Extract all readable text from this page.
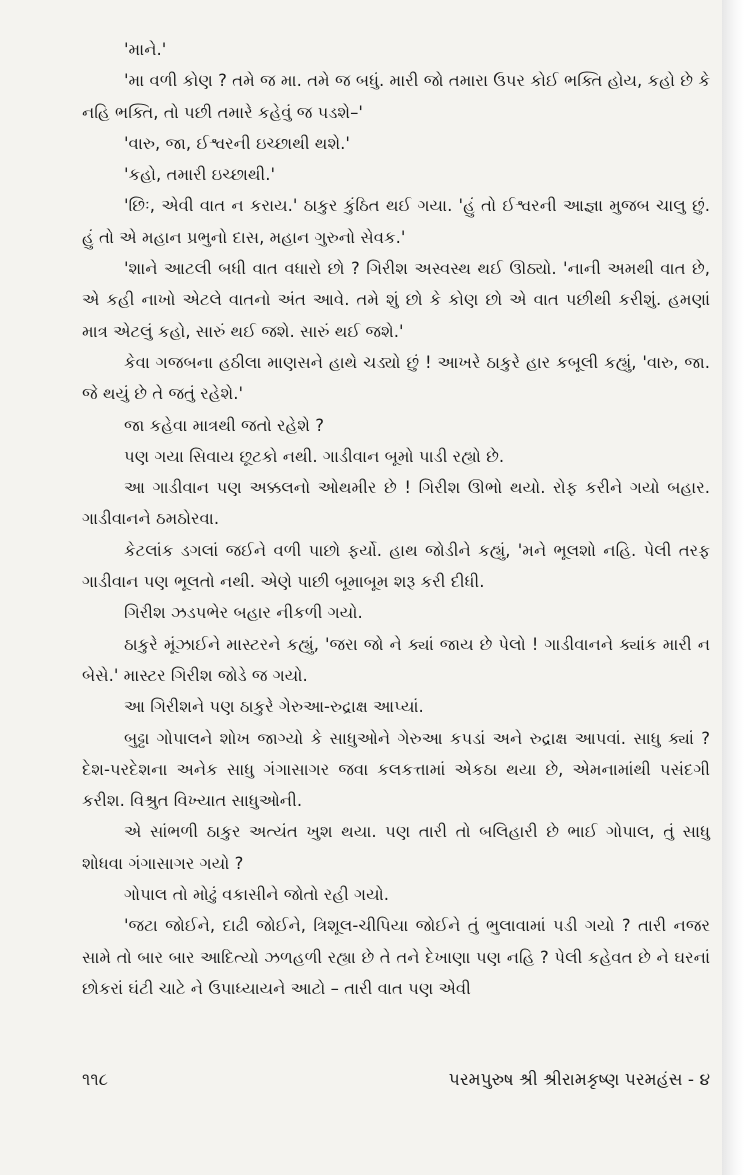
'માને.'

'મા વળી કોણ ? તમે જ મા. તમે જ બધું. મારી જો તમારા ઉપર કોઈ ભક્તિ હોય, કહો છે કે નહિ ભક્તિ, તો પછી તમારે કહેવું જ પડશે–'

'વારુ, જા, ઈશ્વરની ઇચ્છાથી થશે.'

'કહો, તમારી ઇચ્છાથી.'

'છિઃ, એવી વાત ન કરાય.' ઠાકુર કુંઠિત થઈ ગયા. 'હું તો ઈશ્વરની આજ્ઞા મુજબ ચાલુ છું. હું તો એ મહાન પ્રભુનો દાસ, મહાન ગુરુનો સેવક.'

'શાને આટલી બધી વાત વધારો છો ? ગિરીશ અસ્વસ્થ થઈ ઊઠ્યો. 'નાની અમથી વાત છે, એ કહી નાખો એટલે વાતનો અંત આવે. તમે શું છો કે કોણ છો એ વાત પછીથી કરીશું. હમણાં માત્ર એટલું કહો, સારું થઈ જશે. સારું થઈ જશે.'

કેવા ગજબના હઠીલા માણસને હાથે ચડ્યો છું ! આખરે ઠાકુરે હાર કબૂલી કહ્યું, 'વારુ, જા. જે થયું છે તે જતું રહેશે.'

જા કહેવા માત્રથી જતો રહેશે ?

પણ ગયા સિવાય છૂટકો નથી. ગાડીવાન બૂમો પાડી રહ્યો છે.

આ ગાડીવાન પણ અક્કલનો ઓથમીર છે ! ગિરીશ ઊભો થયો. રોફ કરીને ગયો બહાર. ગાડીવાનને ઠમઠોરવા.

કેટલાંક ડગલાં જઈને વળી પાછો ફર્યો. હાથ જોડીને કહ્યું, 'મને ભૂલશો નહિ. પેલી તરફ ગાડીવાન પણ ભૂલતો નથી. એણે પાછી બૂમાબૂમ શરૂ કરી દીધી.

ગિરીશ ઝડપભેર બહાર નીકળી ગયો.

ઠાકુરે મૂંઝાઈને માસ્ટરને કહ્યું, 'જરા જો ને ક્યાં જાય છે પેલો ! ગાડીવાનને ક્યાંક મારી ન બેસે.' માસ્ટર ગિરીશ જોડે જ ગયો.

આ ગિરીશને પણ ઠાકુરે ગેરુઆ-રુદ્રાક્ષ આપ્યાં.

બુઢ્ઢા ગોપાલને શોખ જાગ્યો કે સાધુઓને ગેરુઆ કપડાં અને રુદ્રાક્ષ આપવાં. સાધુ ક્યાં ? દેશ-પરદેશના અનેક સાધુ ગંગાસાગર જવા કલકત્તામાં એકઠા થયા છે, એમનામાંથી પસંદગી કરીશ. વિશ્રુત વિખ્યાત સાધુઓની.

એ સાંભળી ઠાકુર અત્યંત ખુશ થયા. પણ તારી તો બલિહારી છે ભાઈ ગોપાલ, તું સાધુ શોધવા ગંગાસાગર ગયો ?

ગોપાલ તો મોઢું વકાસીને જોતો રહી ગયો.

'જટા જોઈને, દાઢી જોઈને, ત્રિશૂલ-ચીપિયા જોઈને તું ભુલાવામાં પડી ગયો ? તારી નજર સામે તો બાર બાર આદિત્યો ઝળહળી રહ્યા છે તે તને દેખાણા પણ નહિ ? પેલી કહેવત છે ને ઘરનાં છોકરાં ઘંટી ચાટે ને ઉપાધ્યાયને આટો – તારી વાત પણ એવી

૧૧૮	પરમપુરુષ શ્રી શ્રીરામકૃષ્ણ પરમહંસ - ૪
